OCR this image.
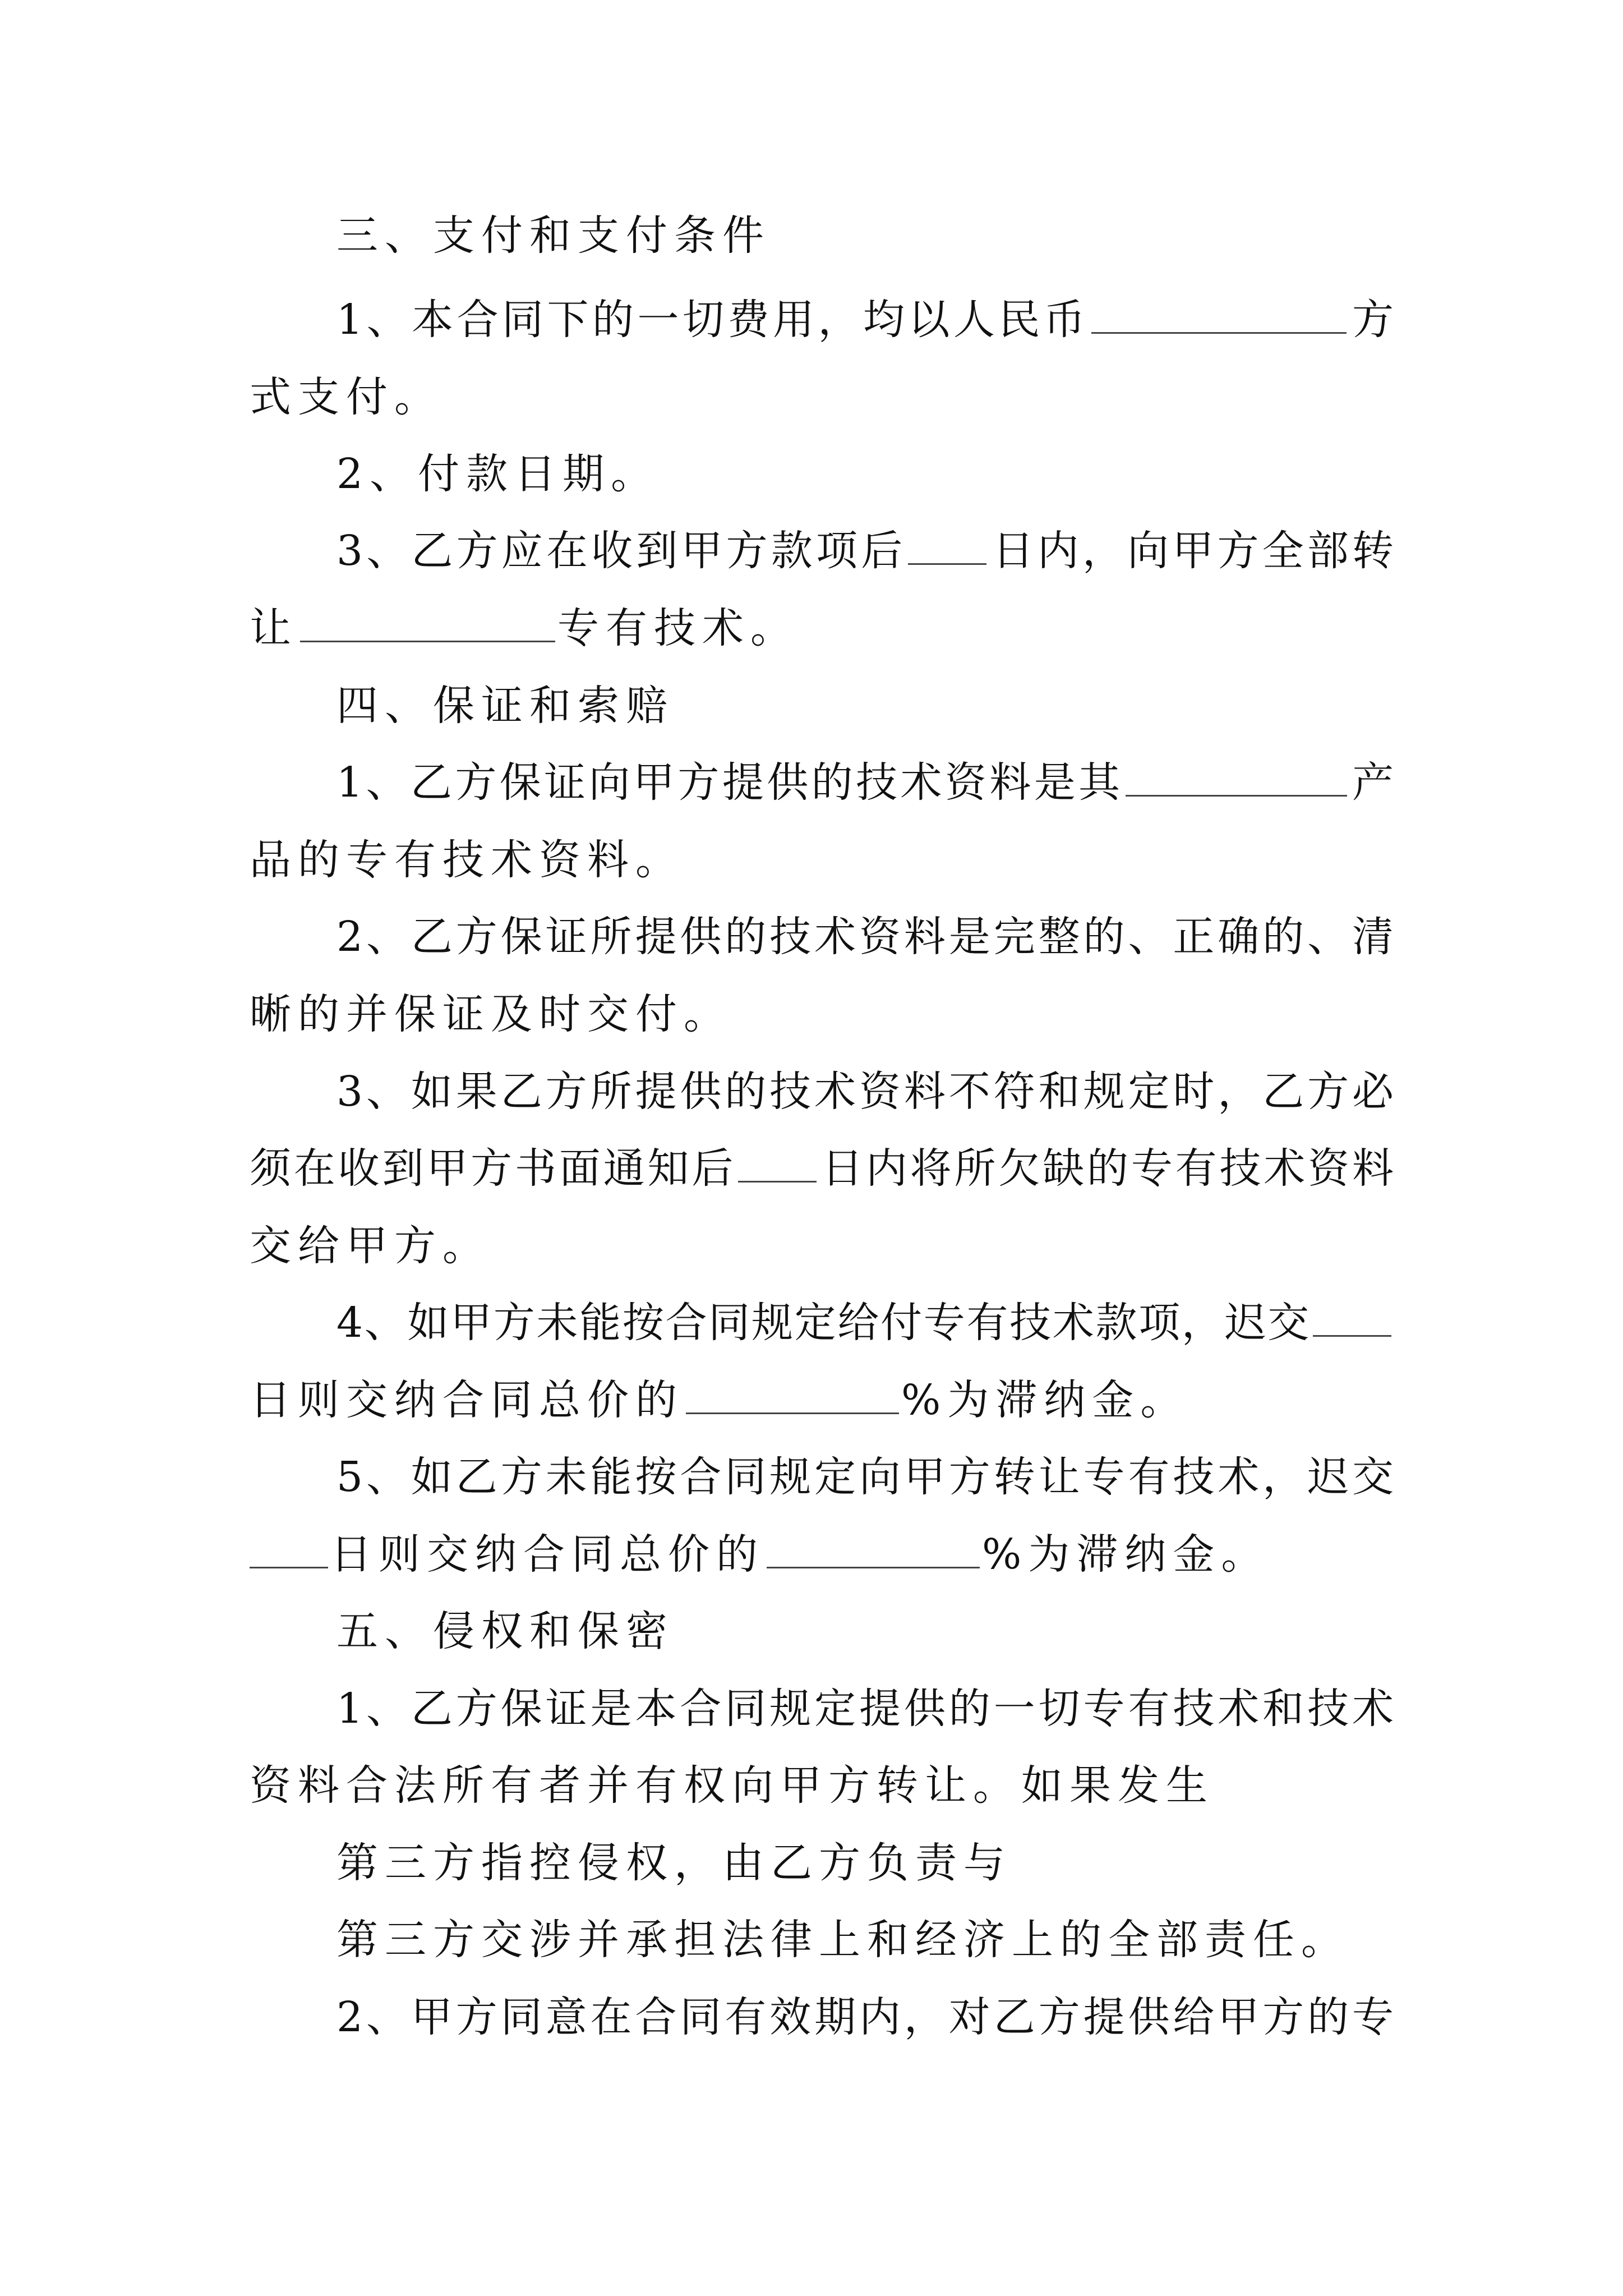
三、支付和支付条件
1、本合同下的一切费用，均以人民币	方
式支付。
2、付款日期。
3、乙方应在收到甲方款项后 日内，向甲方全部转
让	专有技术。
四、保证和索赔
1、乙方保证向甲方提供的技术资料是其	产
品的专有技术资料。
2、乙方保证所提供的技术资料是完整的、正确的、清
晰的并保证及时交付。
3、如果乙方所提供的技术资料不符和规定时，乙方必
须在收到甲方书面通知后 日内将所欠缺的专有技术资料
交给甲方。
4、如甲方未能按合同规定给付专有技术款项，迟交
日则交纳合同总价的	%为滞纳金。
5、如乙方未能按合同规定向甲方转让专有技术，迟交
日则交纳合同总价的	%为滞纳金。
五、侵权和保密
1、乙方保证是本合同规定提供的一切专有技术和技术
资料合法所有者并有权向甲方转让。如果发生
第三方指控侵权，由乙方负责与
第三方交涉并承担法律上和经济上的全部责任。
2、甲方同意在合同有效期内，对乙方提供给甲方的专
